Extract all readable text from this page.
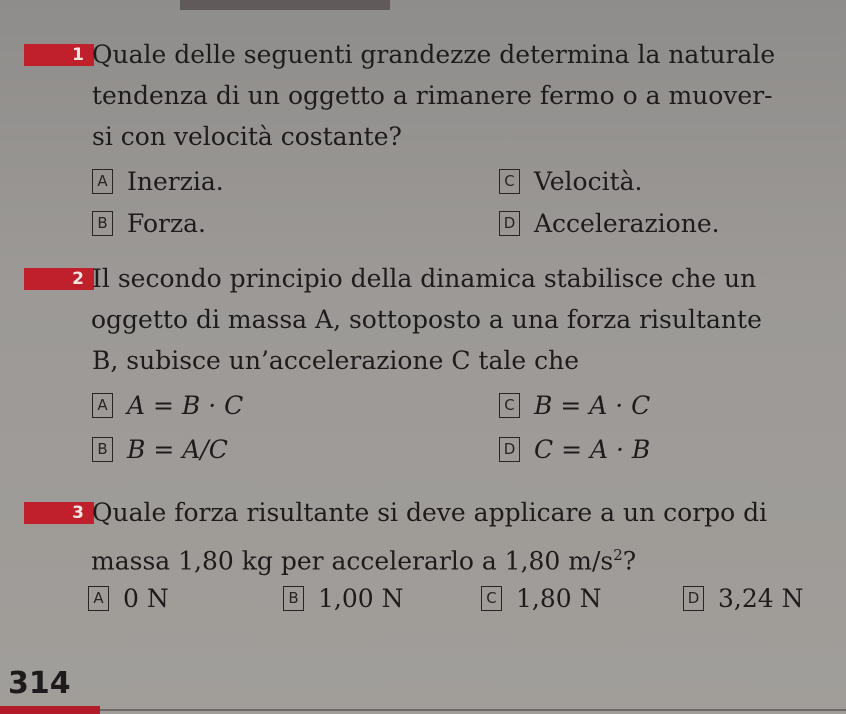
1 Quale delle seguenti grandezze determina la naturale
tendenza di un oggetto a rimanere fermo o a muover-
si con velocità costante?
A Inerzia.	C Velocità.
B Forza.	D Accelerazione.
2 Il secondo principio della dinamica stabilisce che un
oggetto di massa A, sottoposto a una forza risultante
B, subisce un’accelerazione C tale che
A A = B · C	C B = A · C
B B = A/C	D C = A · B
3 Quale forza risultante si deve applicare a un corpo di
massa 1,80 kg per accelerarlo a 1,80 $m/s^2$?
A 0 N	B 1,00 N	C 1,80 N	D 3,24 N
314
